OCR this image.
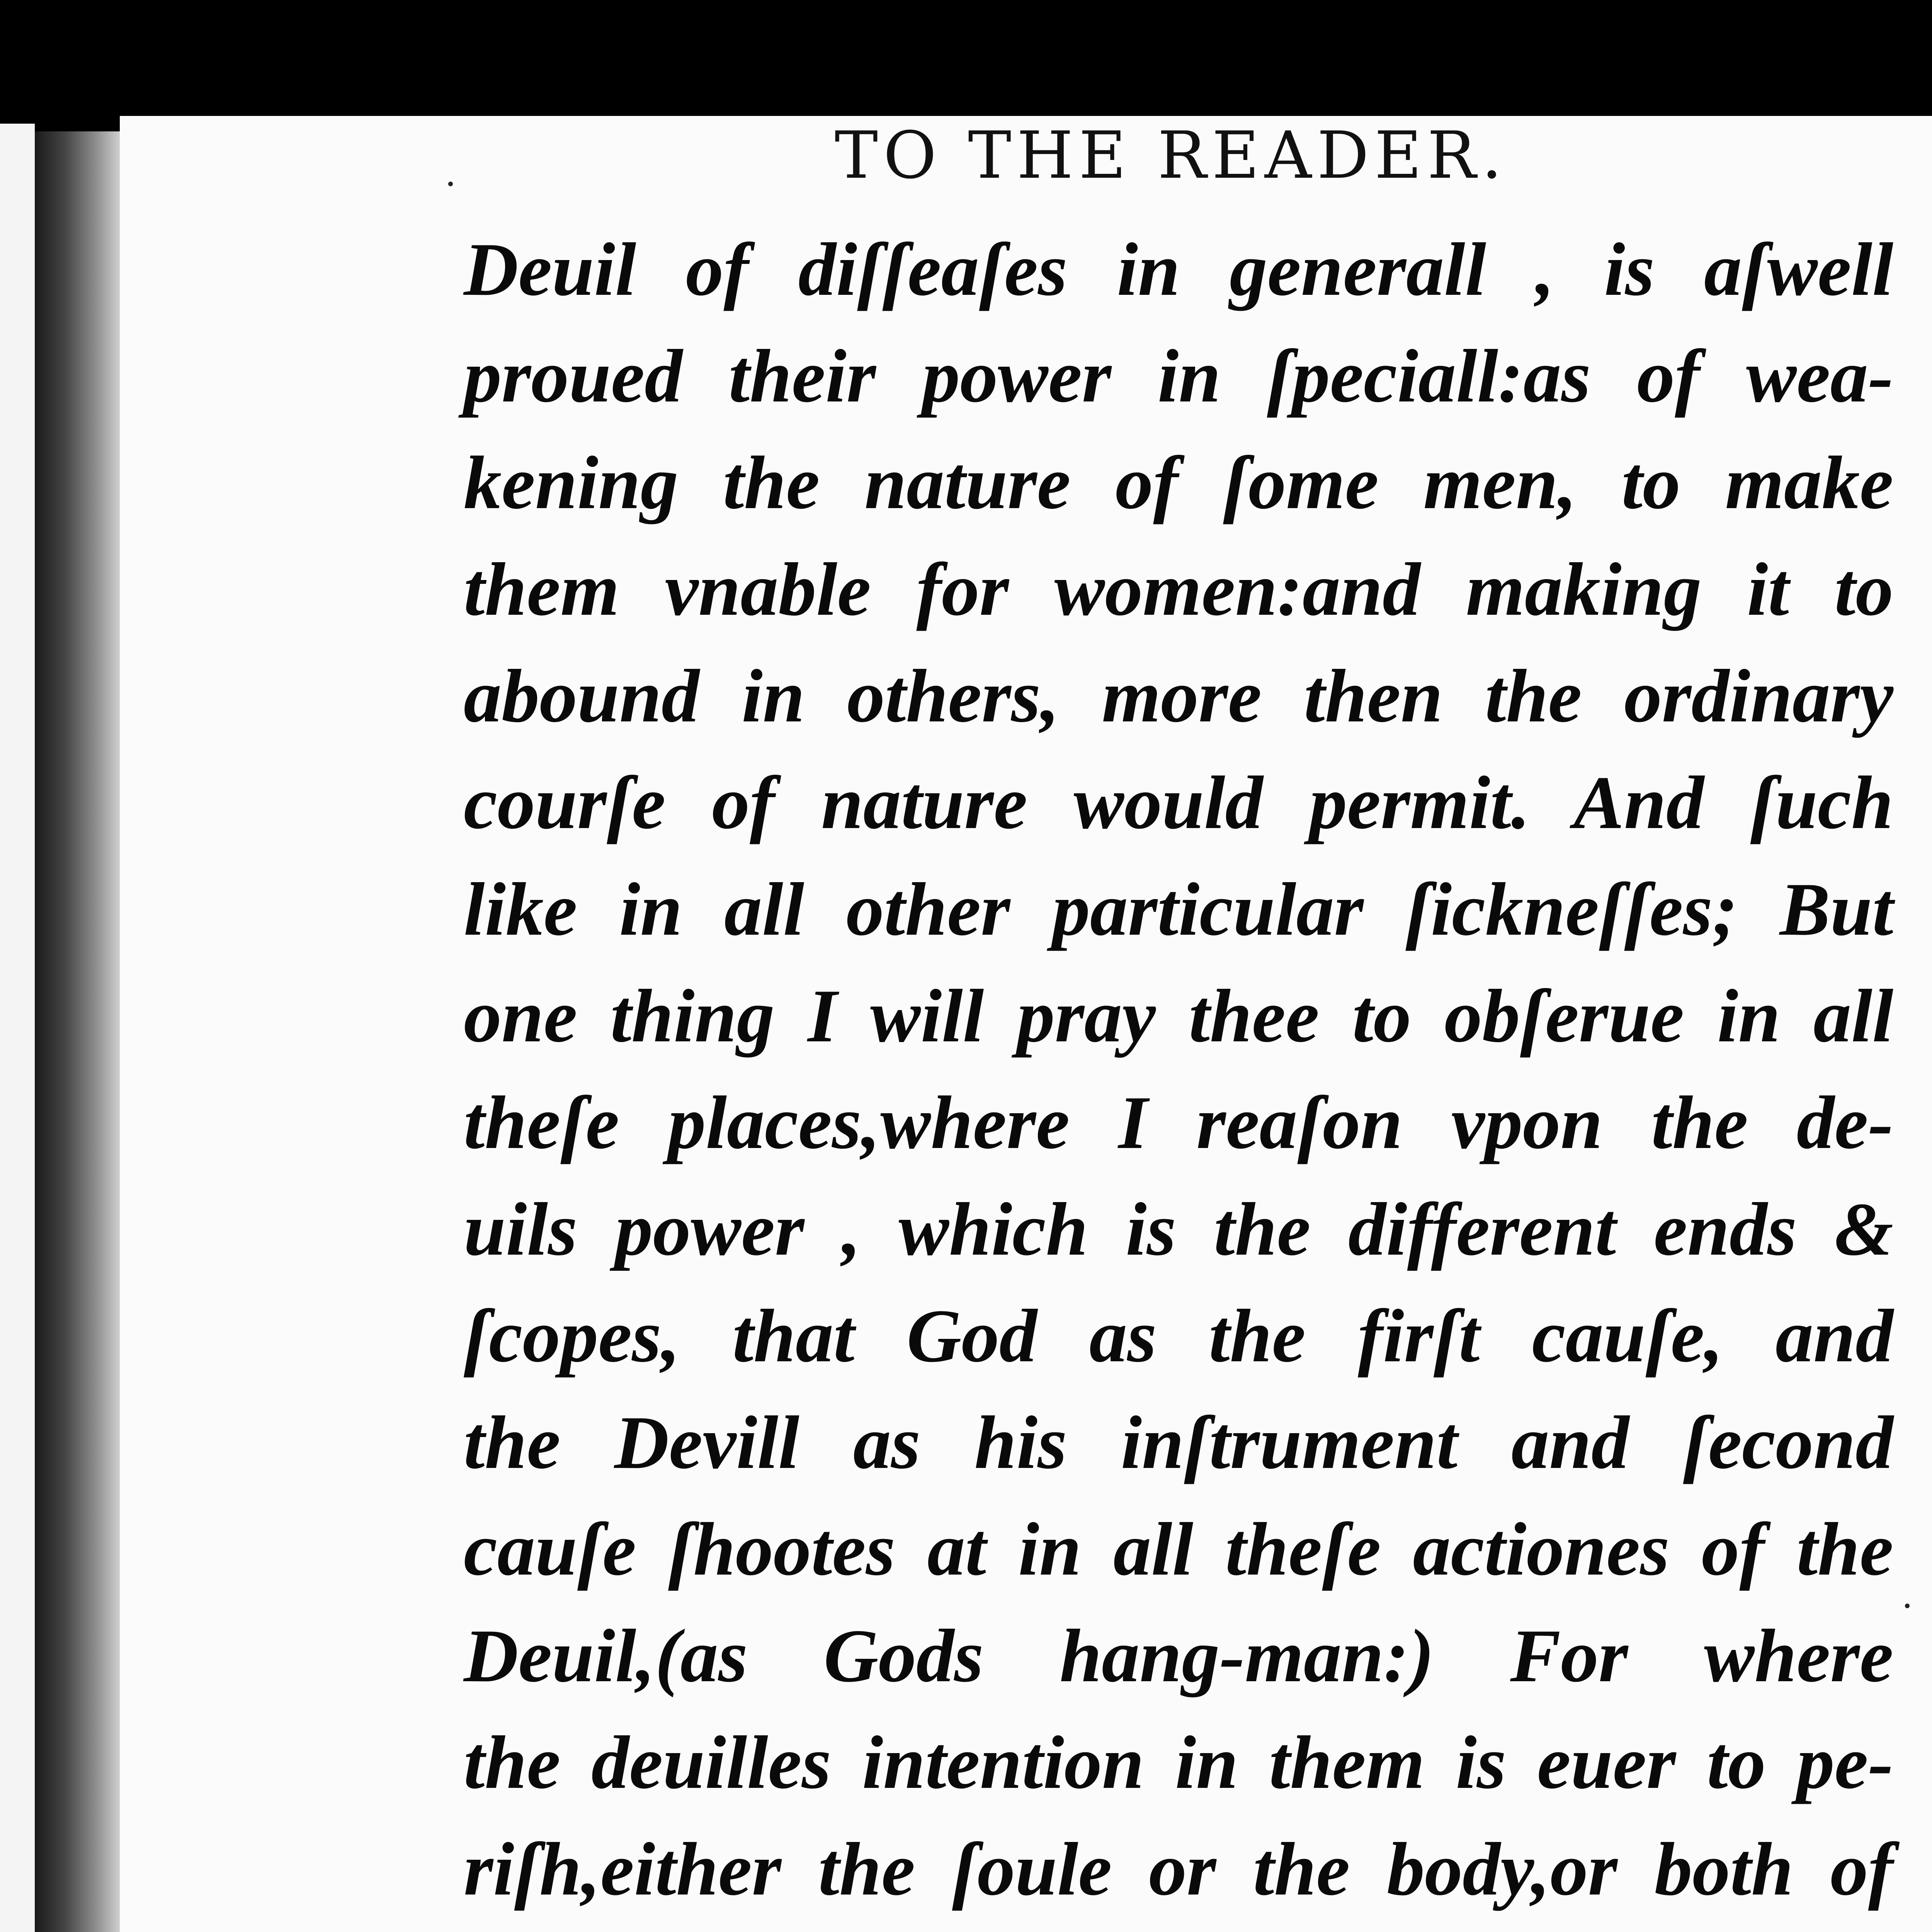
TO THE READER.
Deuil of diſſeaſes in generall , is aſwell
proued their power in ſpeciall:as of wea-
kening the nature of ſome men, to make
them vnable for women:and making it to
abound in others, more then the ordinary
courſe of nature would permit. And ſuch
like in all other particular ſickneſſes; But
one thing I will pray thee to obſerue in all
theſe places,where I reaſon vpon the de-
uils power , which is the different ends &
ſcopes, that God as the firſt cauſe, and
the Devill as his inſtrument and ſecond
cauſe ſhootes at in all theſe actiones of the
Deuil,(as Gods hang-man:) For where
the deuilles intention in them is euer to pe-
riſh,either the ſoule or the body,or both of
